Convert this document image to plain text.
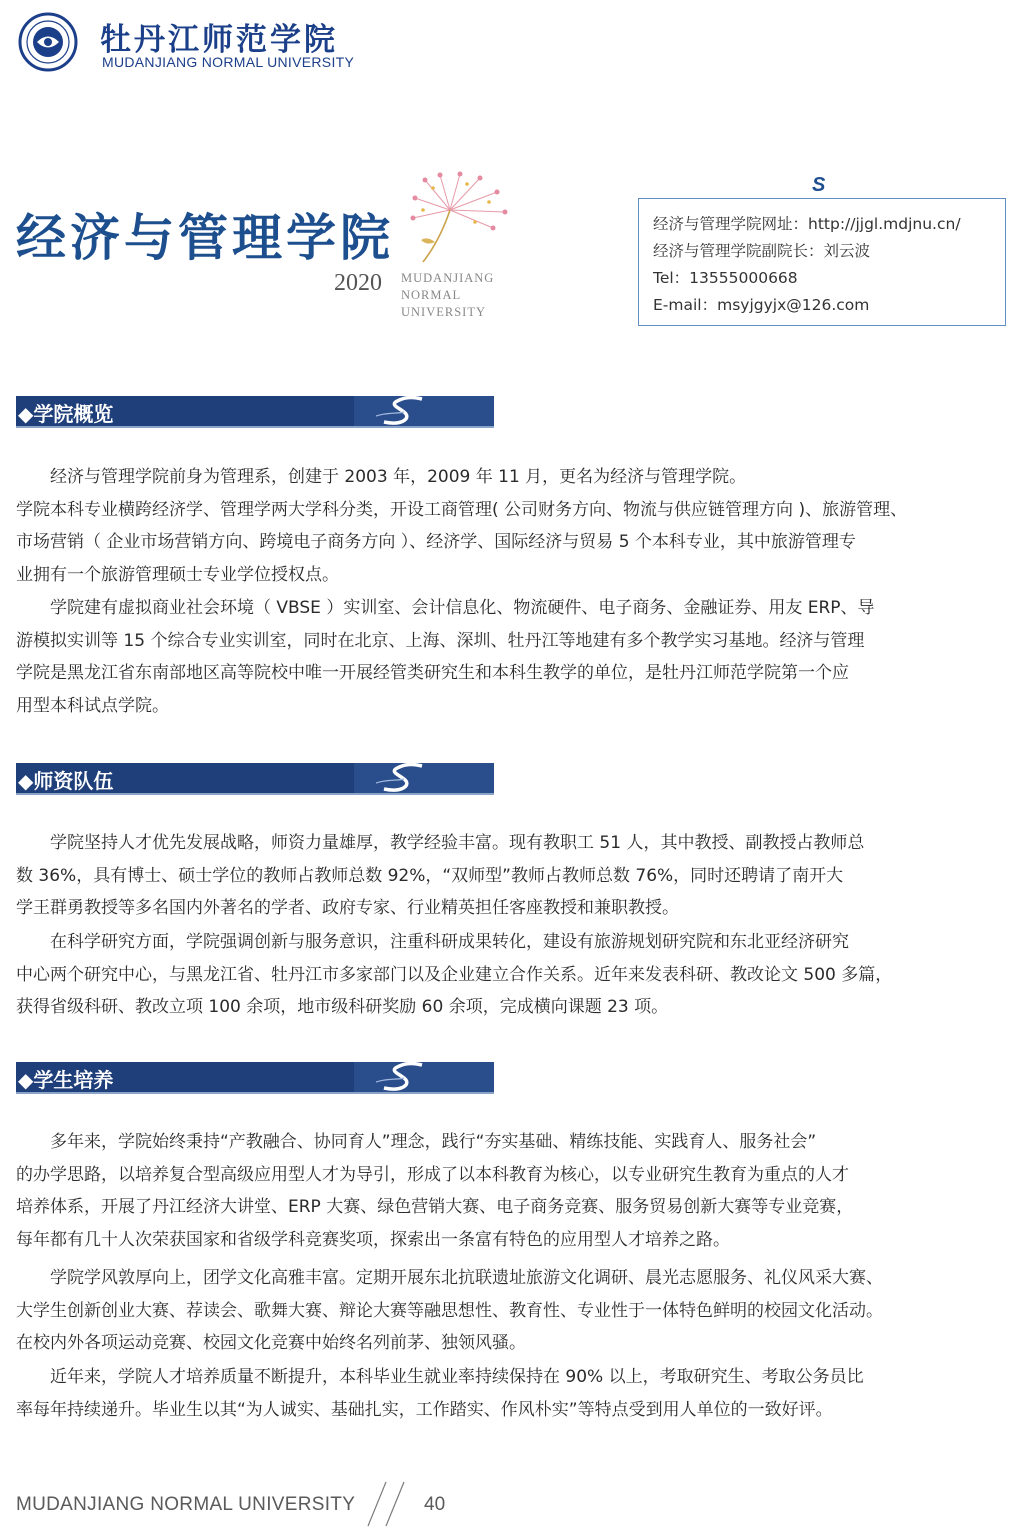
牡丹江师范学院
MUDANJIANG NORMAL UNIVERSITY
经济与管理学院
2020 MUDANJIANG
NORMAL
UNIVERSITY
S
经济与管理学院网址：http://jjgl.mdjnu.cn/
经济与管理学院副院长：刘云波
Tel：13555000668
E-mail：msyjgyjx@126.com
◆学院概览
　　经济与管理学院前身为管理系，创建于 2003 年，2009 年 11 月，更名为经济与管理学院。
学院本科专业横跨经济学、管理学两大学科分类，开设工商管理( 公司财务方向、物流与供应链管理方向 )、旅游管理、
市场营销（ 企业市场营销方向、跨境电子商务方向 ）、经济学、国际经济与贸易 5 个本科专业，其中旅游管理专
业拥有一个旅游管理硕士专业学位授权点。
　　学院建有虚拟商业社会环境（ VBSE ）实训室、会计信息化、物流硬件、电子商务、金融证券、用友 ERP、导
游模拟实训等 15 个综合专业实训室，同时在北京、上海、深圳、牡丹江等地建有多个教学实习基地。经济与管理
学院是黑龙江省东南部地区高等院校中唯一开展经管类研究生和本科生教学的单位，是牡丹江师范学院第一个应
用型本科试点学院。
◆师资队伍
　　学院坚持人才优先发展战略，师资力量雄厚，教学经验丰富。现有教职工 51 人，其中教授、副教授占教师总
数 36%，具有博士、硕士学位的教师占教师总数 92%，“双师型”教师占教师总数 76%，同时还聘请了南开大
学王群勇教授等多名国内外著名的学者、政府专家、行业精英担任客座教授和兼职教授。
　　在科学研究方面，学院强调创新与服务意识，注重科研成果转化，建设有旅游规划研究院和东北亚经济研究
中心两个研究中心，与黑龙江省、牡丹江市多家部门以及企业建立合作关系。近年来发表科研、教改论文 500 多篇，
获得省级科研、教改立项 100 余项，地市级科研奖励 60 余项，完成横向课题 23 项。
◆学生培养
　　多年来，学院始终秉持“产教融合、协同育人”理念，践行“夯实基础、精练技能、实践育人、服务社会”
的办学思路，以培养复合型高级应用型人才为导引，形成了以本科教育为核心，以专业研究生教育为重点的人才
培养体系，开展了丹江经济大讲堂、ERP 大赛、绿色营销大赛、电子商务竞赛、服务贸易创新大赛等专业竞赛，
每年都有几十人次荣获国家和省级学科竞赛奖项，探索出一条富有特色的应用型人才培养之路。
　　学院学风敦厚向上，团学文化高雅丰富。定期开展东北抗联遗址旅游文化调研、晨光志愿服务、礼仪风采大赛、
大学生创新创业大赛、荐读会、歌舞大赛、辩论大赛等融思想性、教育性、专业性于一体特色鲜明的校园文化活动。
在校内外各项运动竞赛、校园文化竞赛中始终名列前茅、独领风骚。
　　近年来，学院人才培养质量不断提升，本科毕业生就业率持续保持在 90% 以上，考取研究生、考取公务员比
率每年持续递升。毕业生以其“为人诚实、基础扎实，工作踏实、作风朴实”等特点受到用人单位的一致好评。
MUDANJIANG NORMAL UNIVERSITY	40
